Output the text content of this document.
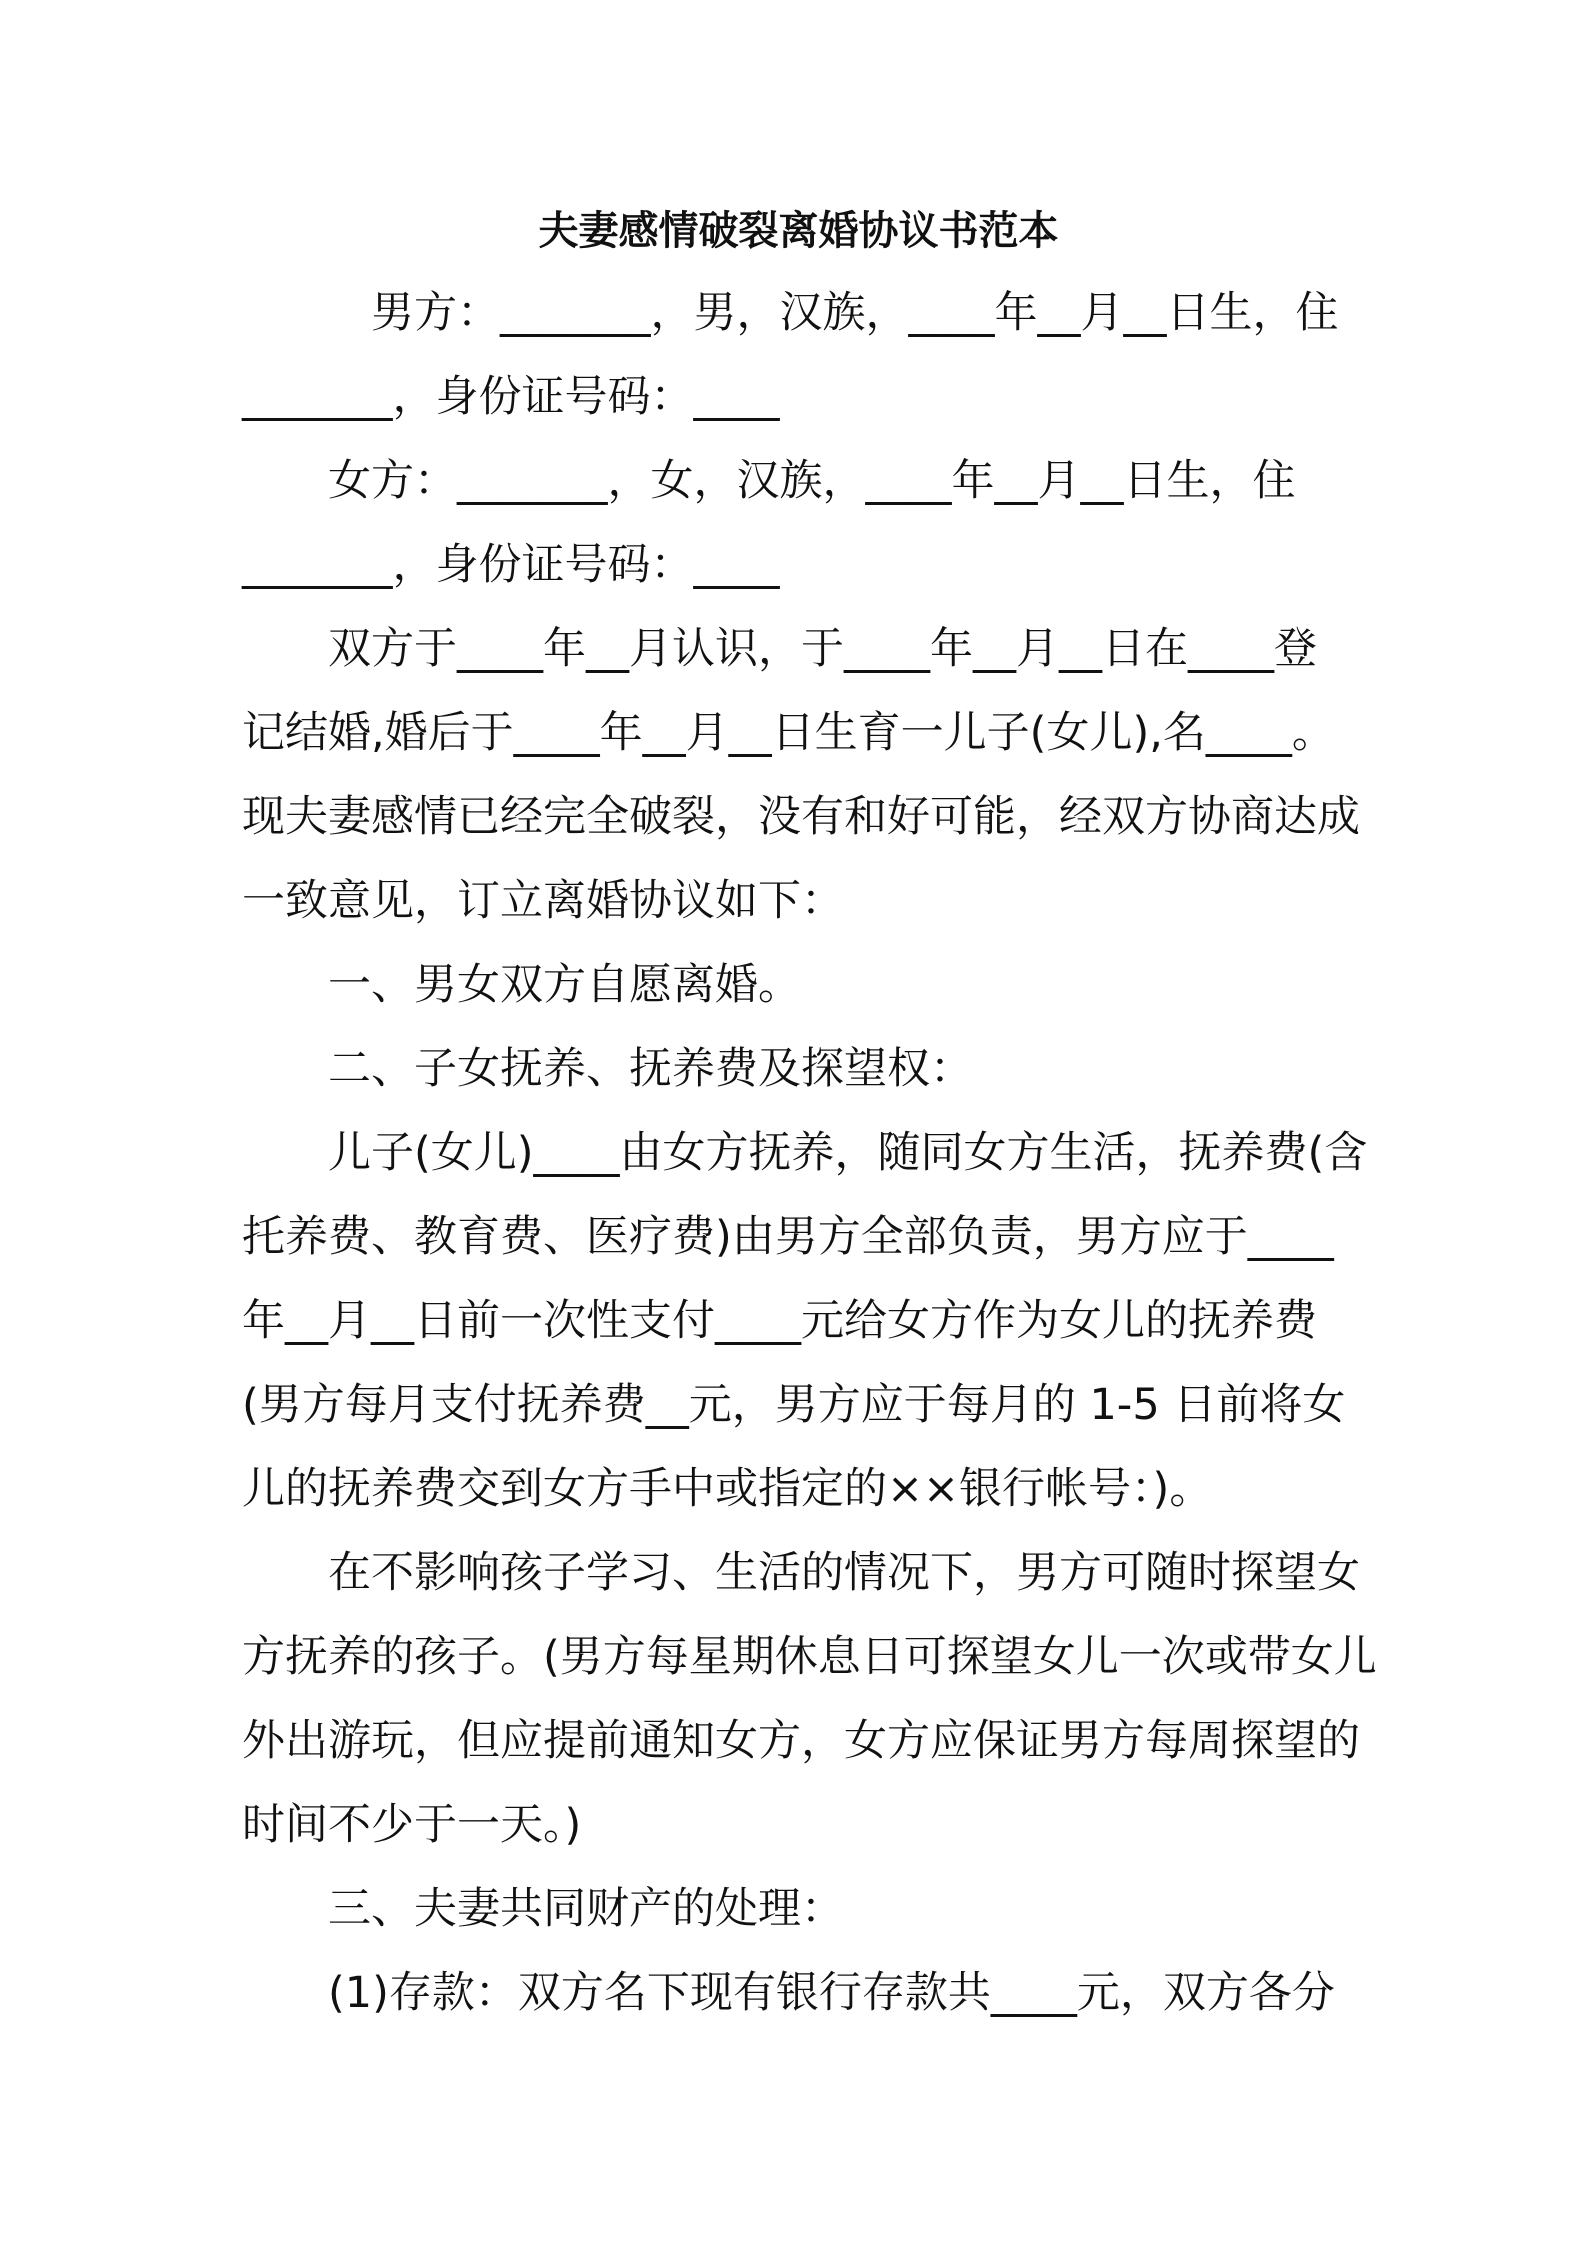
夫妻感情破裂离婚协议书范本
男方：_______，男，汉族，____年__月__日生，住
_______，身份证号码：____
女方：_______，女，汉族，____年__月__日生，住
_______，身份证号码：____
双方于____年__月认识，于____年__月__日在____登
记结婚,婚后于____年__月__日生育一儿子(女儿),名____。
现夫妻感情已经完全破裂，没有和好可能，经双方协商达成
一致意见，订立离婚协议如下：
一、男女双方自愿离婚。
二、子女抚养、抚养费及探望权：
儿子(女儿)____由女方抚养，随同女方生活，抚养费(含
托养费、教育费、医疗费)由男方全部负责，男方应于____
年__月__日前一次性支付____元给女方作为女儿的抚养费
(男方每月支付抚养费__元，男方应于每月的 1-5 日前将女
儿的抚养费交到女方手中或指定的××银行帐号：)。
在不影响孩子学习、生活的情况下，男方可随时探望女
方抚养的孩子。(男方每星期休息日可探望女儿一次或带女儿
外出游玩，但应提前通知女方，女方应保证男方每周探望的
时间不少于一天。)
三、夫妻共同财产的处理：
(1)存款：双方名下现有银行存款共____元，双方各分
